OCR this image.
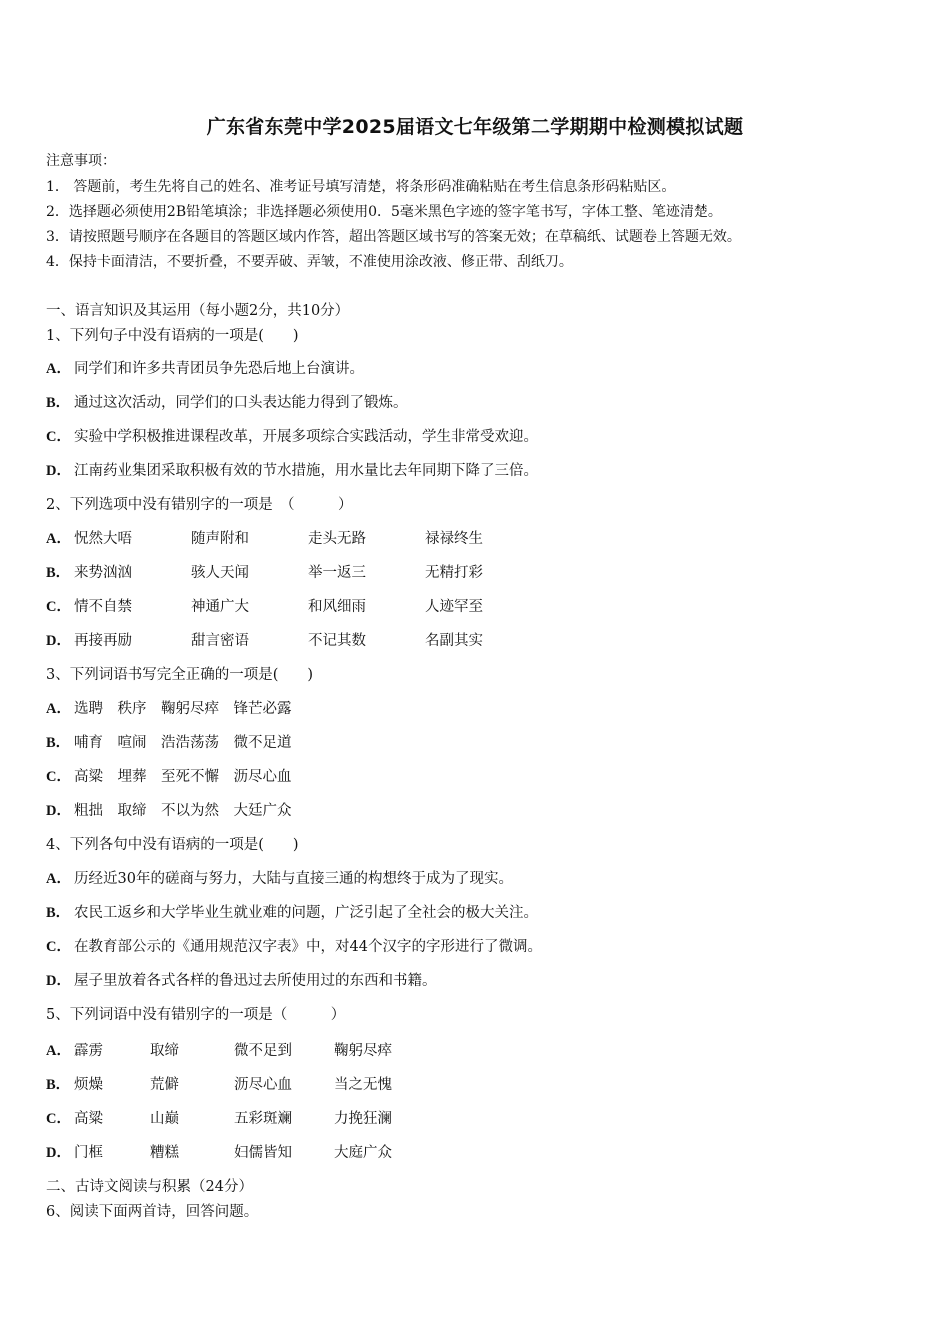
广东省东莞中学2025届语文七年级第二学期期中检测模拟试题
注意事项：
1． 答题前，考生先将自己的姓名、准考证号填写清楚，将条形码准确粘贴在考生信息条形码粘贴区。
2．选择题必须使用2B铅笔填涂；非选择题必须使用0．5毫米黑色字迹的签字笔书写，字体工整、笔迹清楚。
3．请按照题号顺序在各题目的答题区域内作答，超出答题区域书写的答案无效；在草稿纸、试题卷上答题无效。
4．保持卡面清洁，不要折叠，不要弄破、弄皱，不准使用涂改液、修正带、刮纸刀。
一、语言知识及其运用（每小题2分，共10分）
1、下列句子中没有语病的一项是(　　)
A． 同学们和许多共青团员争先恐后地上台演讲。
B． 通过这次活动，同学们的口头表达能力得到了锻炼。
C． 实验中学积极推进课程改革，开展多项综合实践活动，学生非常受欢迎。
D． 江南药业集团采取积极有效的节水措施，用水量比去年同期下降了三倍。
2、下列选项中没有错别字的一项是　（　　　）
A． 怳然大唔	随声附和	走头无路	禄禄终生
B． 来势汹汹	骇人天闻	举一返三	无精打彩
C． 情不自禁	神通广大	和风细雨	人迹罕至
D． 再接再励	甜言密语	不记其数	名副其实
3、下列词语书写完全正确的一项是(　　)
A． 选聘　秩序　鞠躬尽瘁　锋芒必露
B． 哺育　喧闹　浩浩荡荡　微不足道
C． 高粱　埋葬　至死不懈　沥尽心血
D． 粗拙　取缔　不以为然　大廷广众
4、下列各句中没有语病的一项是(　　)
A． 历经近30年的磋商与努力，大陆与直接三通的构想终于成为了现实。
B． 农民工返乡和大学毕业生就业难的问题，广泛引起了全社会的极大关注。
C． 在教育部公示的《通用规范汉字表》中，对44个汉字的字形进行了微调。
D． 屋子里放着各式各样的鲁迅过去所使用过的东西和书籍。
5、下列词语中没有错别字的一项是（　　　）
A． 霹雳	取缔	微不足到	鞠躬尽瘁
B． 烦燥	荒僻	沥尽心血	当之无愧
C． 高粱	山巅	五彩斑斓	力挽狂澜
D． 门框	糟糕	妇儒皆知	大庭广众
二、古诗文阅读与积累（24分）
6、阅读下面两首诗，回答问题。
